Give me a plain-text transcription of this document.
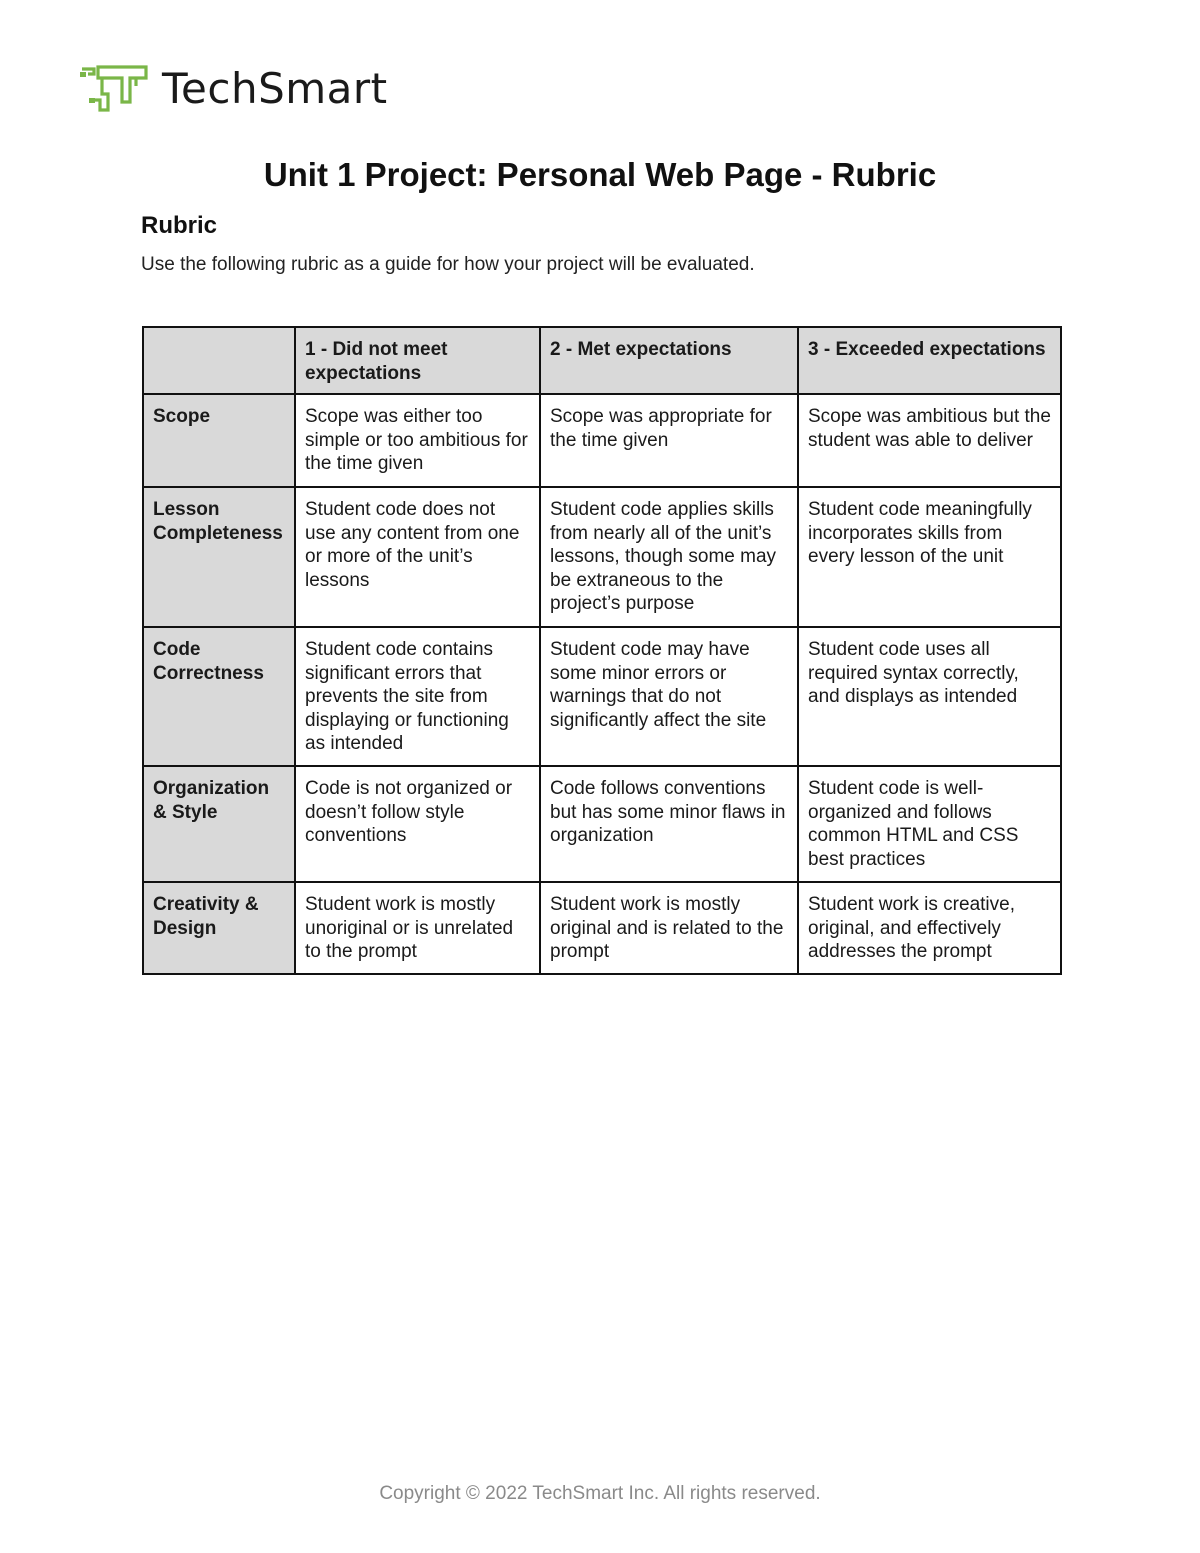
TechSmart
Unit 1 Project: Personal Web Page - Rubric
Rubric

Use the following rubric as a guide for how your project will be evaluated.

	1 - Did not meet expectations	2 - Met expectations	3 - Exceeded expectations
Scope	Scope was either too simple or too ambitious for the time given	Scope was appropriate for the time given	Scope was ambitious but the student was able to deliver
Lesson Completeness	Student code does not use any content from one or more of the unit’s lessons	Student code applies skills from nearly all of the unit’s lessons, though some may be extraneous to the project’s purpose	Student code meaningfully incorporates skills from every lesson of the unit
Code Correctness	Student code contains significant errors that prevents the site from displaying or functioning as intended	Student code may have some minor errors or warnings that do not significantly affect the site	Student code uses all required syntax correctly, and displays as intended
Organization & Style	Code is not organized or doesn’t follow style conventions	Code follows conventions but has some minor flaws in organization	Student code is well-organized and follows common HTML and CSS best practices
Creativity & Design	Student work is mostly unoriginal or is unrelated to the prompt	Student work is mostly original and is related to the prompt	Student work is creative, original, and effectively addresses the prompt

Copyright © 2022 TechSmart Inc. All rights reserved.
